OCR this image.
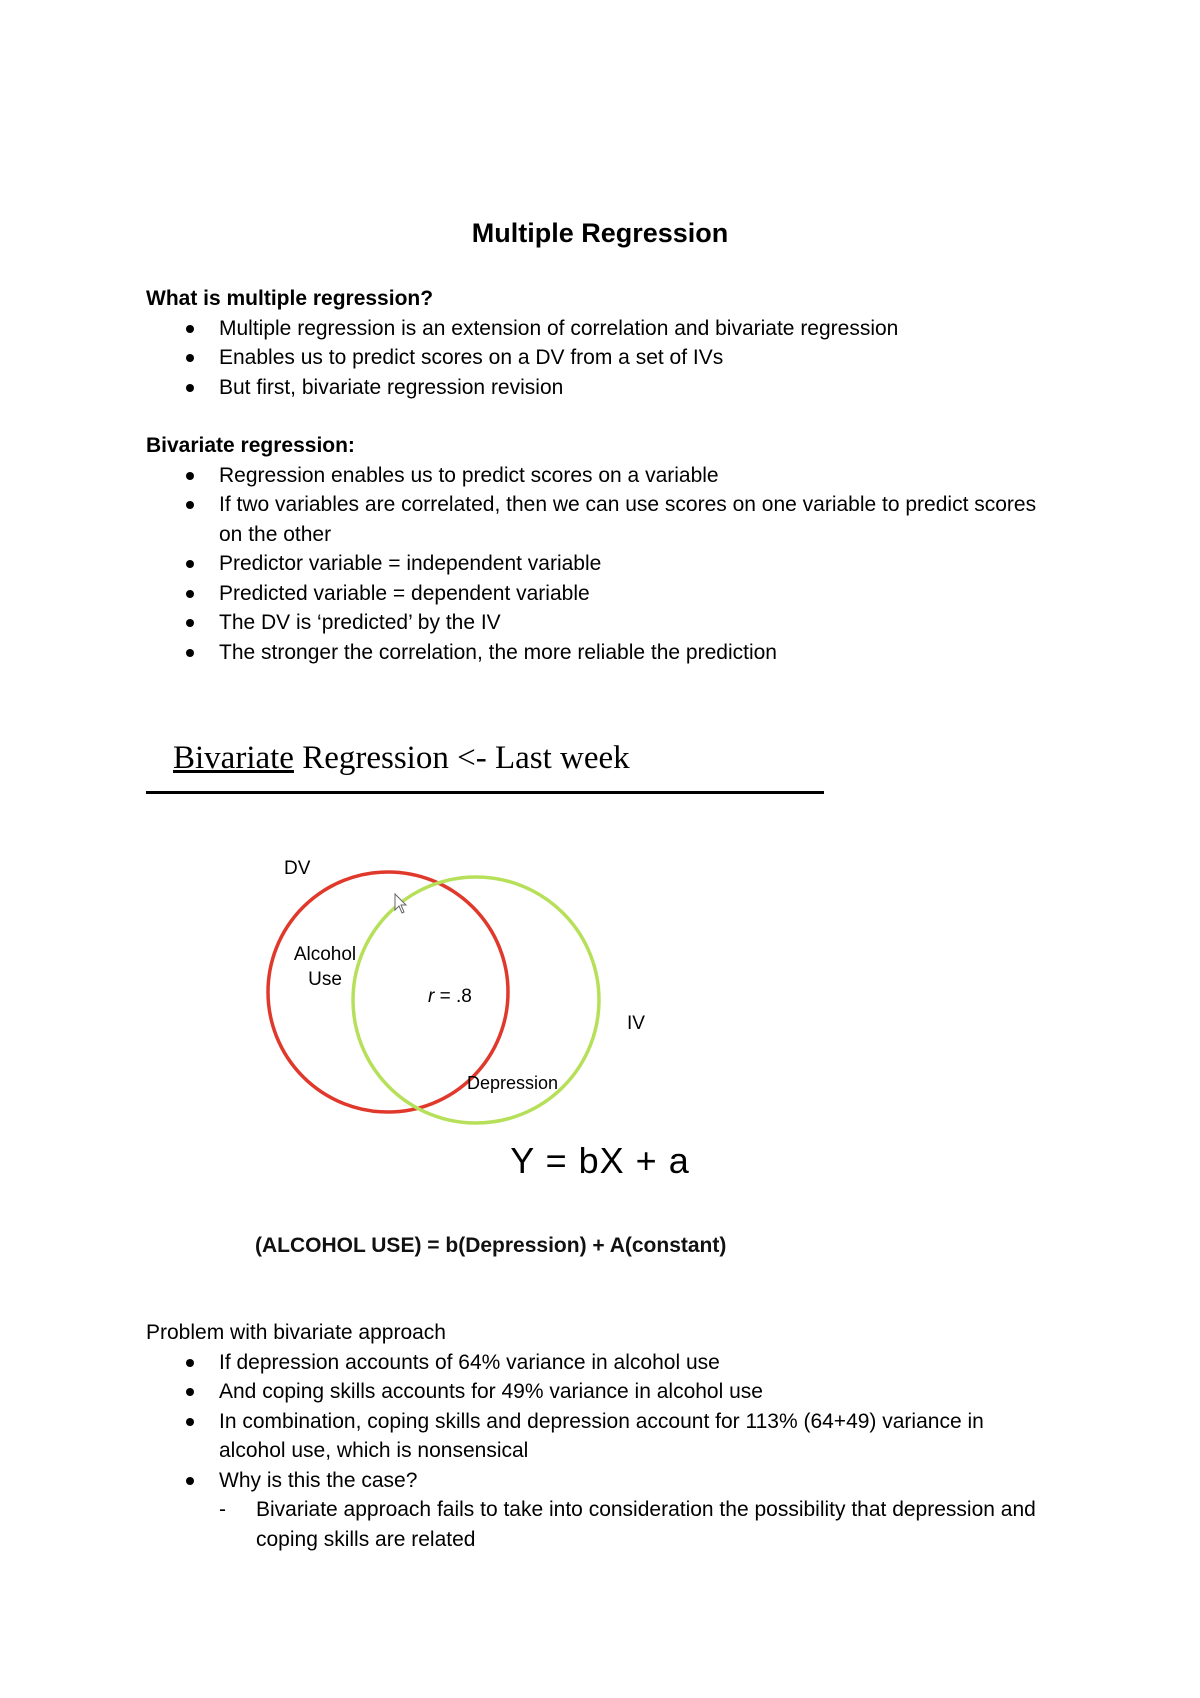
Multiple Regression
What is multiple regression?
Multiple regression is an extension of correlation and bivariate regression
Enables us to predict scores on a DV from a set of IVs
But first, bivariate regression revision
Bivariate regression:
Regression enables us to predict scores on a variable
If two variables are correlated, then we can use scores on one variable to predict scores on the other
Predictor variable = independent variable
Predicted variable = dependent variable
The DV is ‘predicted’ by the IV
The stronger the correlation, the more reliable the prediction
Bivariate Regression <- Last week
DV
IV
Alcohol
Use
r = .8
Depression
Y = bX + a
(ALCOHOL USE) = b(Depression) + A(constant)

Problem with bivariate approach

If depression accounts of 64% variance in alcohol use
And coping skills accounts for 49% variance in alcohol use
In combination, coping skills and depression account for 113% (64+49) variance in alcohol use, which is nonsensical
Why is this the case?
- Bivariate approach fails to take into consideration the possibility that depression and coping skills are related
